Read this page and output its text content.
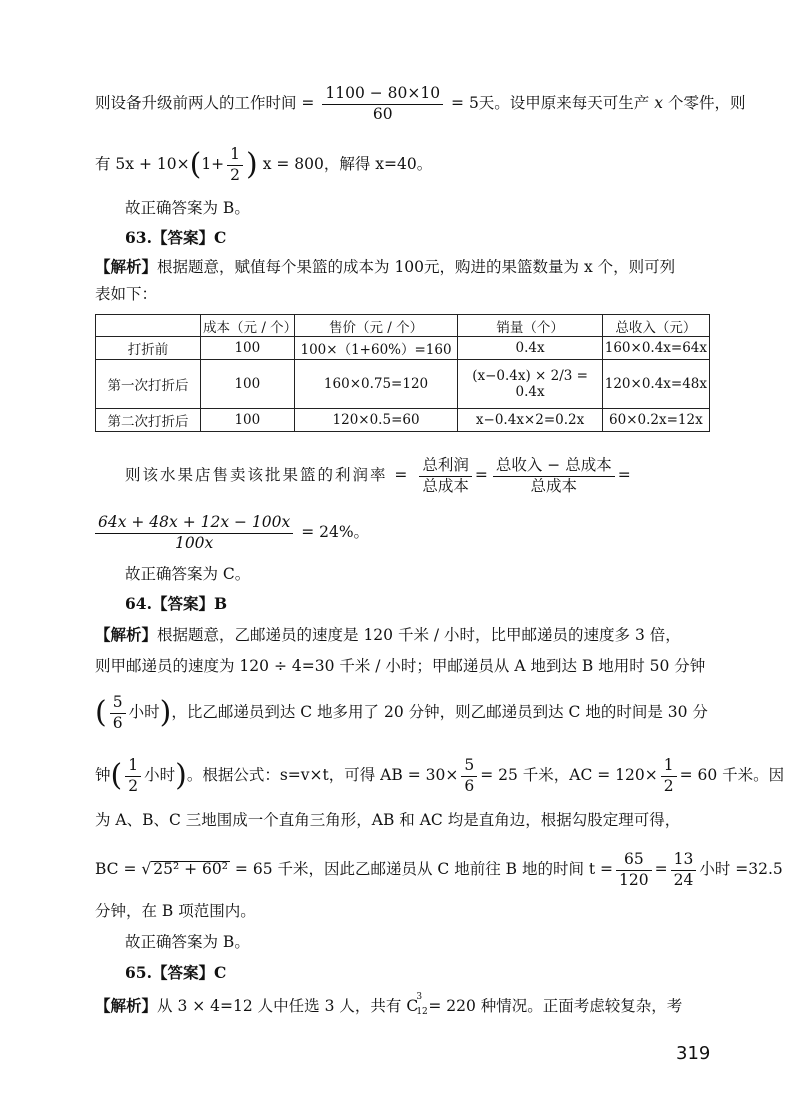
则设备升级前两人的工作时间 = $\frac{1100 - 80\times 10}{60} = 5$天。设甲原来每天可生产 x 个零件，则
有 $5x + 10\times(1+ \frac{1}{2}$ ) x = 800，解得 x=40。
故正确答案为 B。
63.【答案】C
【解析】根据题意，赋值每个果篮的成本为 100元，购进的果篮数量为 x 个，则可列
表如下：
	成本（元 / 个）	售价（元 / 个）	销量（个）	总收入（元）
打折前	100	100×（1+60%）=160	0.4x	160×0.4x=64x
第一次打折后	100	160×0.75=120	(x−0.4x) × 2/3 = 0.4x	120×0.4x=48x
第二次打折后	100	120×0.5=60	x−0.4x×2=0.2x	60×0.2x=12x
则该水果店售卖该批果篮的利润率 = $\frac{\text{总利润}}{\text{总成本}} = \frac{\text{总收入 − 总成本}}{\text{总成本}}$ =
$\frac{64x + 48x + 12x - 100x}{100x} = 24\%$。
故正确答案为 C。
64.【答案】B
【解析】根据题意，乙邮递员的速度是 120 千米 / 小时，比甲邮递员的速度多 3 倍，
则甲邮递员的速度为 120 ÷ 4=30 千米 / 小时；甲邮递员从 A 地到达 B 地用时 50 分钟
( $\frac{5}{6}$ 小时)，比乙邮递员到达 C 地多用了 20 分钟，则乙邮递员到达 C 地的时间是 30 分
钟( $\frac{1}{2}$ 小时)。根据公式：s=v×t，可得 AB = $30\times \frac{5}{6} = 25$ 千米，AC = $120\times \frac{1}{2} = 60$ 千米。因
为 A、B、C 三地围成一个直角三角形，AB 和 AC 均是直角边，根据勾股定理可得，
BC = √ 25² + 60² = 65 千米，因此乙邮递员从 C 地前往 B 地的时间 $t = \frac{65}{120} = \frac{13}{24}$ 小时 =32.5
分钟，在 B 项范围内。
故正确答案为 B。
65.【答案】C
【解析】从 3 × 4=12 人中任选 3 人，共有 C
3
12 = 220 种情况。正面考虑较复杂，考
319
